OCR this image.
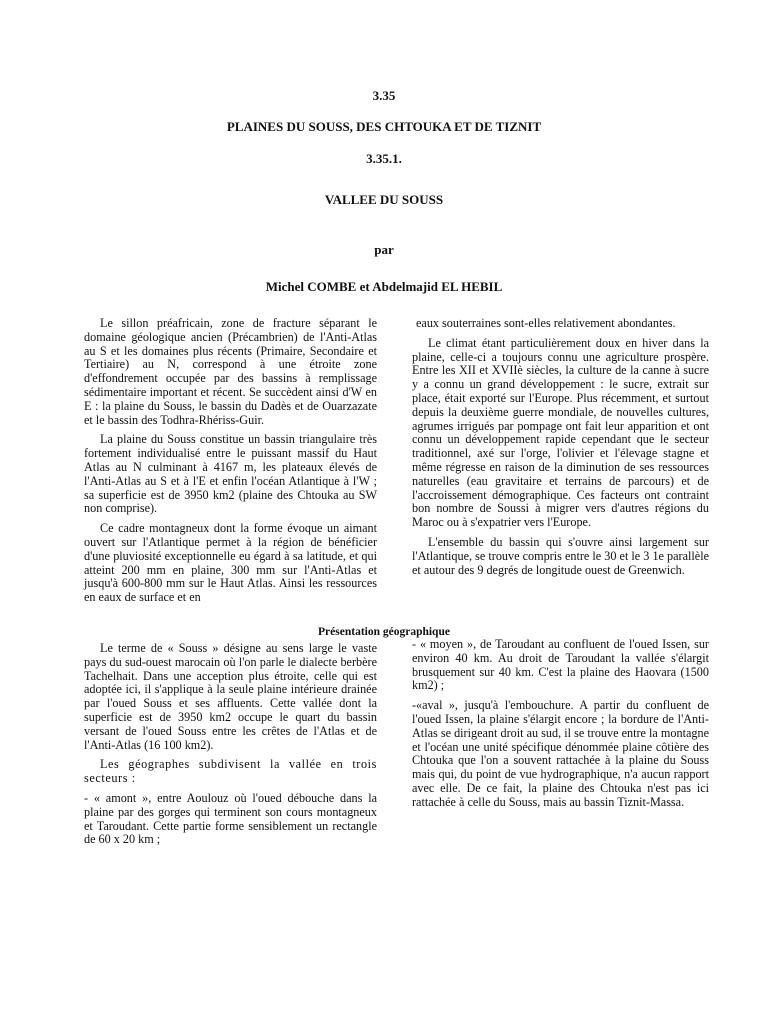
3.35
PLAINES DU SOUSS, DES CHTOUKA ET DE TIZNIT
3.35.1.
VALLEE DU SOUSS
par
Michel COMBE et Abdelmajid EL HEBIL

Le sillon préafricain, zone de fracture séparant le domaine géologique ancien (Précambrien) de l'Anti-Atlas au S et les domaines plus récents (Primaire, Secondaire et Tertiaire) au N, correspond à une étroite zone d'effondrement occupée par des bassins à remplissage sédimentaire important et récent. Se succèdent ainsi d'W en E : la plaine du Souss, le bassin du Dadès et de Ouarzazate et le bassin des Todhra-Rhériss-Guir.

La plaine du Souss constitue un bassin triangulaire très fortement individualisé entre le puissant massif du Haut Atlas au N culminant à 4167 m, les plateaux élevés de l'Anti-Atlas au S et à l'E et enfin l'océan Atlantique à l'W ; sa superficie est de 3950 km2 (plaine des Chtouka au SW non comprise).

Ce cadre montagneux dont la forme évoque un aimant ouvert sur l'Atlantique permet à la région de bénéficier d'une pluviosité exceptionnelle eu égard à sa latitude, et qui atteint 200 mm en plaine, 300 mm sur l'Anti-Atlas et jusqu'à 600-800 mm sur le Haut Atlas. Ainsi les ressources en eaux de surface et en

eaux souterraines sont-elles relativement abondantes.

Le climat étant particulièrement doux en hiver dans la plaine, celle-ci a toujours connu une agriculture prospère. Entre les XII et XVIIè siècles, la culture de la canne à sucre y a connu un grand développement : le sucre, extrait sur place, était exporté sur l'Europe. Plus récemment, et surtout depuis la deuxième guerre mondiale, de nouvelles cultures, agrumes irrigués par pompage ont fait leur apparition et ont connu un développement rapide cependant que le secteur traditionnel, axé sur l'orge, l'olivier et l'élevage stagne et même régresse en raison de la diminution de ses ressources naturelles (eau gravitaire et terrains de parcours) et de l'accroissement démographique. Ces facteurs ont contraint bon nombre de Soussi à migrer vers d'autres régions du Maroc ou à s'expatrier vers l'Europe.

L'ensemble du bassin qui s'ouvre ainsi largement sur l'Atlantique, se trouve compris entre le 30 et le 3 1e parallèle et autour des 9 degrés de longitude ouest de Greenwich.

Présentation géographique

Le terme de « Souss » désigne au sens large le vaste pays du sud-ouest marocain où l'on parle le dialecte berbère Tachelhait. Dans une acception plus étroite, celle qui est adoptée ici, il s'applique à la seule plaine intérieure drainée par l'oued Souss et ses affluents. Cette vallée dont la superficie est de 3950 km2 occupe le quart du bassin versant de l'oued Souss entre les crêtes de l'Atlas et de l'Anti-Atlas (16 100 km2).

Les géographes subdivisent la vallée en trois secteurs :

- « amont », entre Aoulouz où l'oued débouche dans la plaine par des gorges qui terminent son cours montagneux et Taroudant. Cette partie forme sensiblement un rectangle de 60 x 20 km ;

- « moyen », de Taroudant au confluent de l'oued Issen, sur environ 40 km. Au droit de Taroudant la vallée s'élargit brusquement sur 40 km. C'est la plaine des Haovara (1500 km2) ;

-«aval », jusqu'à l'embouchure. A partir du confluent de l'oued Issen, la plaine s'élargit encore ; la bordure de l'Anti-Atlas se dirigeant droit au sud, il se trouve entre la montagne et l'océan une unité spécifique dénommée plaine côtière des Chtouka que l'on a souvent rattachée à la plaine du Souss mais qui, du point de vue hydrographique, n'a aucun rapport avec elle. De ce fait, la plaine des Chtouka n'est pas ici rattachée à celle du Souss, mais au bassin Tiznit-Massa.
